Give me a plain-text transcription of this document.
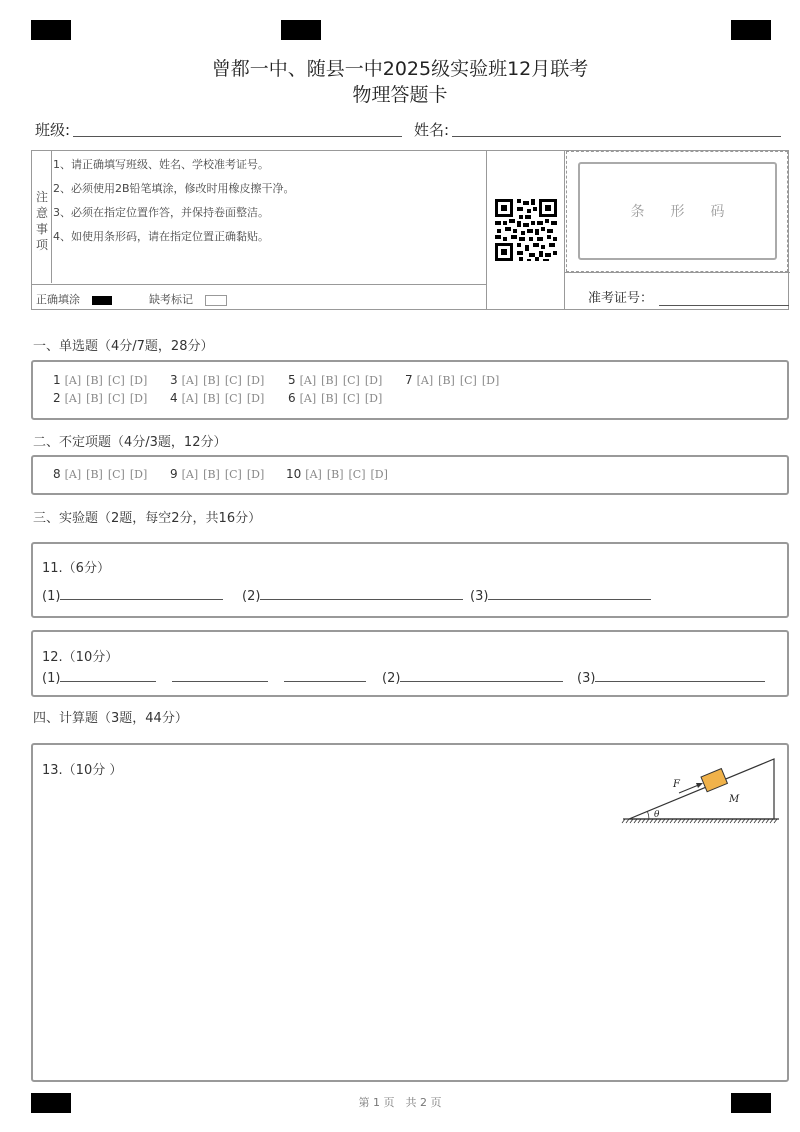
曾都一中、随县一中2025级实验班12月联考
物理答题卡
班级:	姓名:
注意事项
1、请正确填写班级、姓名、学校准考证号。
2、必须使用2B铅笔填涂，修改时用橡皮擦干净。
3、必须在指定位置作答，并保持卷面整洁。
4、如使用条形码，请在指定位置正确黏贴。
正确填涂	缺考标记
条形码
准考证号：
一、单选题（4分/7题，28分）
1 [A] [B] [C] [D]	3 [A] [B] [C] [D]	5 [A] [B] [C] [D]	7 [A] [B] [C] [D]
2 [A] [B] [C] [D]	4 [A] [B] [C] [D]	6 [A] [B] [C] [D]
二、不定项题（4分/3题，12分）
8 [A] [B] [C] [D]	9 [A] [B] [C] [D]	10 [A] [B] [C] [D]
三、实验题（2题，每空2分，共16分）
11.（6分）
(1)	(2)	(3)
12.（10分）
(1)	(2)	(3)
四、计算题（3题，44分）
13.（10分 ）
θ
F
M
第 1 页　共 2 页
